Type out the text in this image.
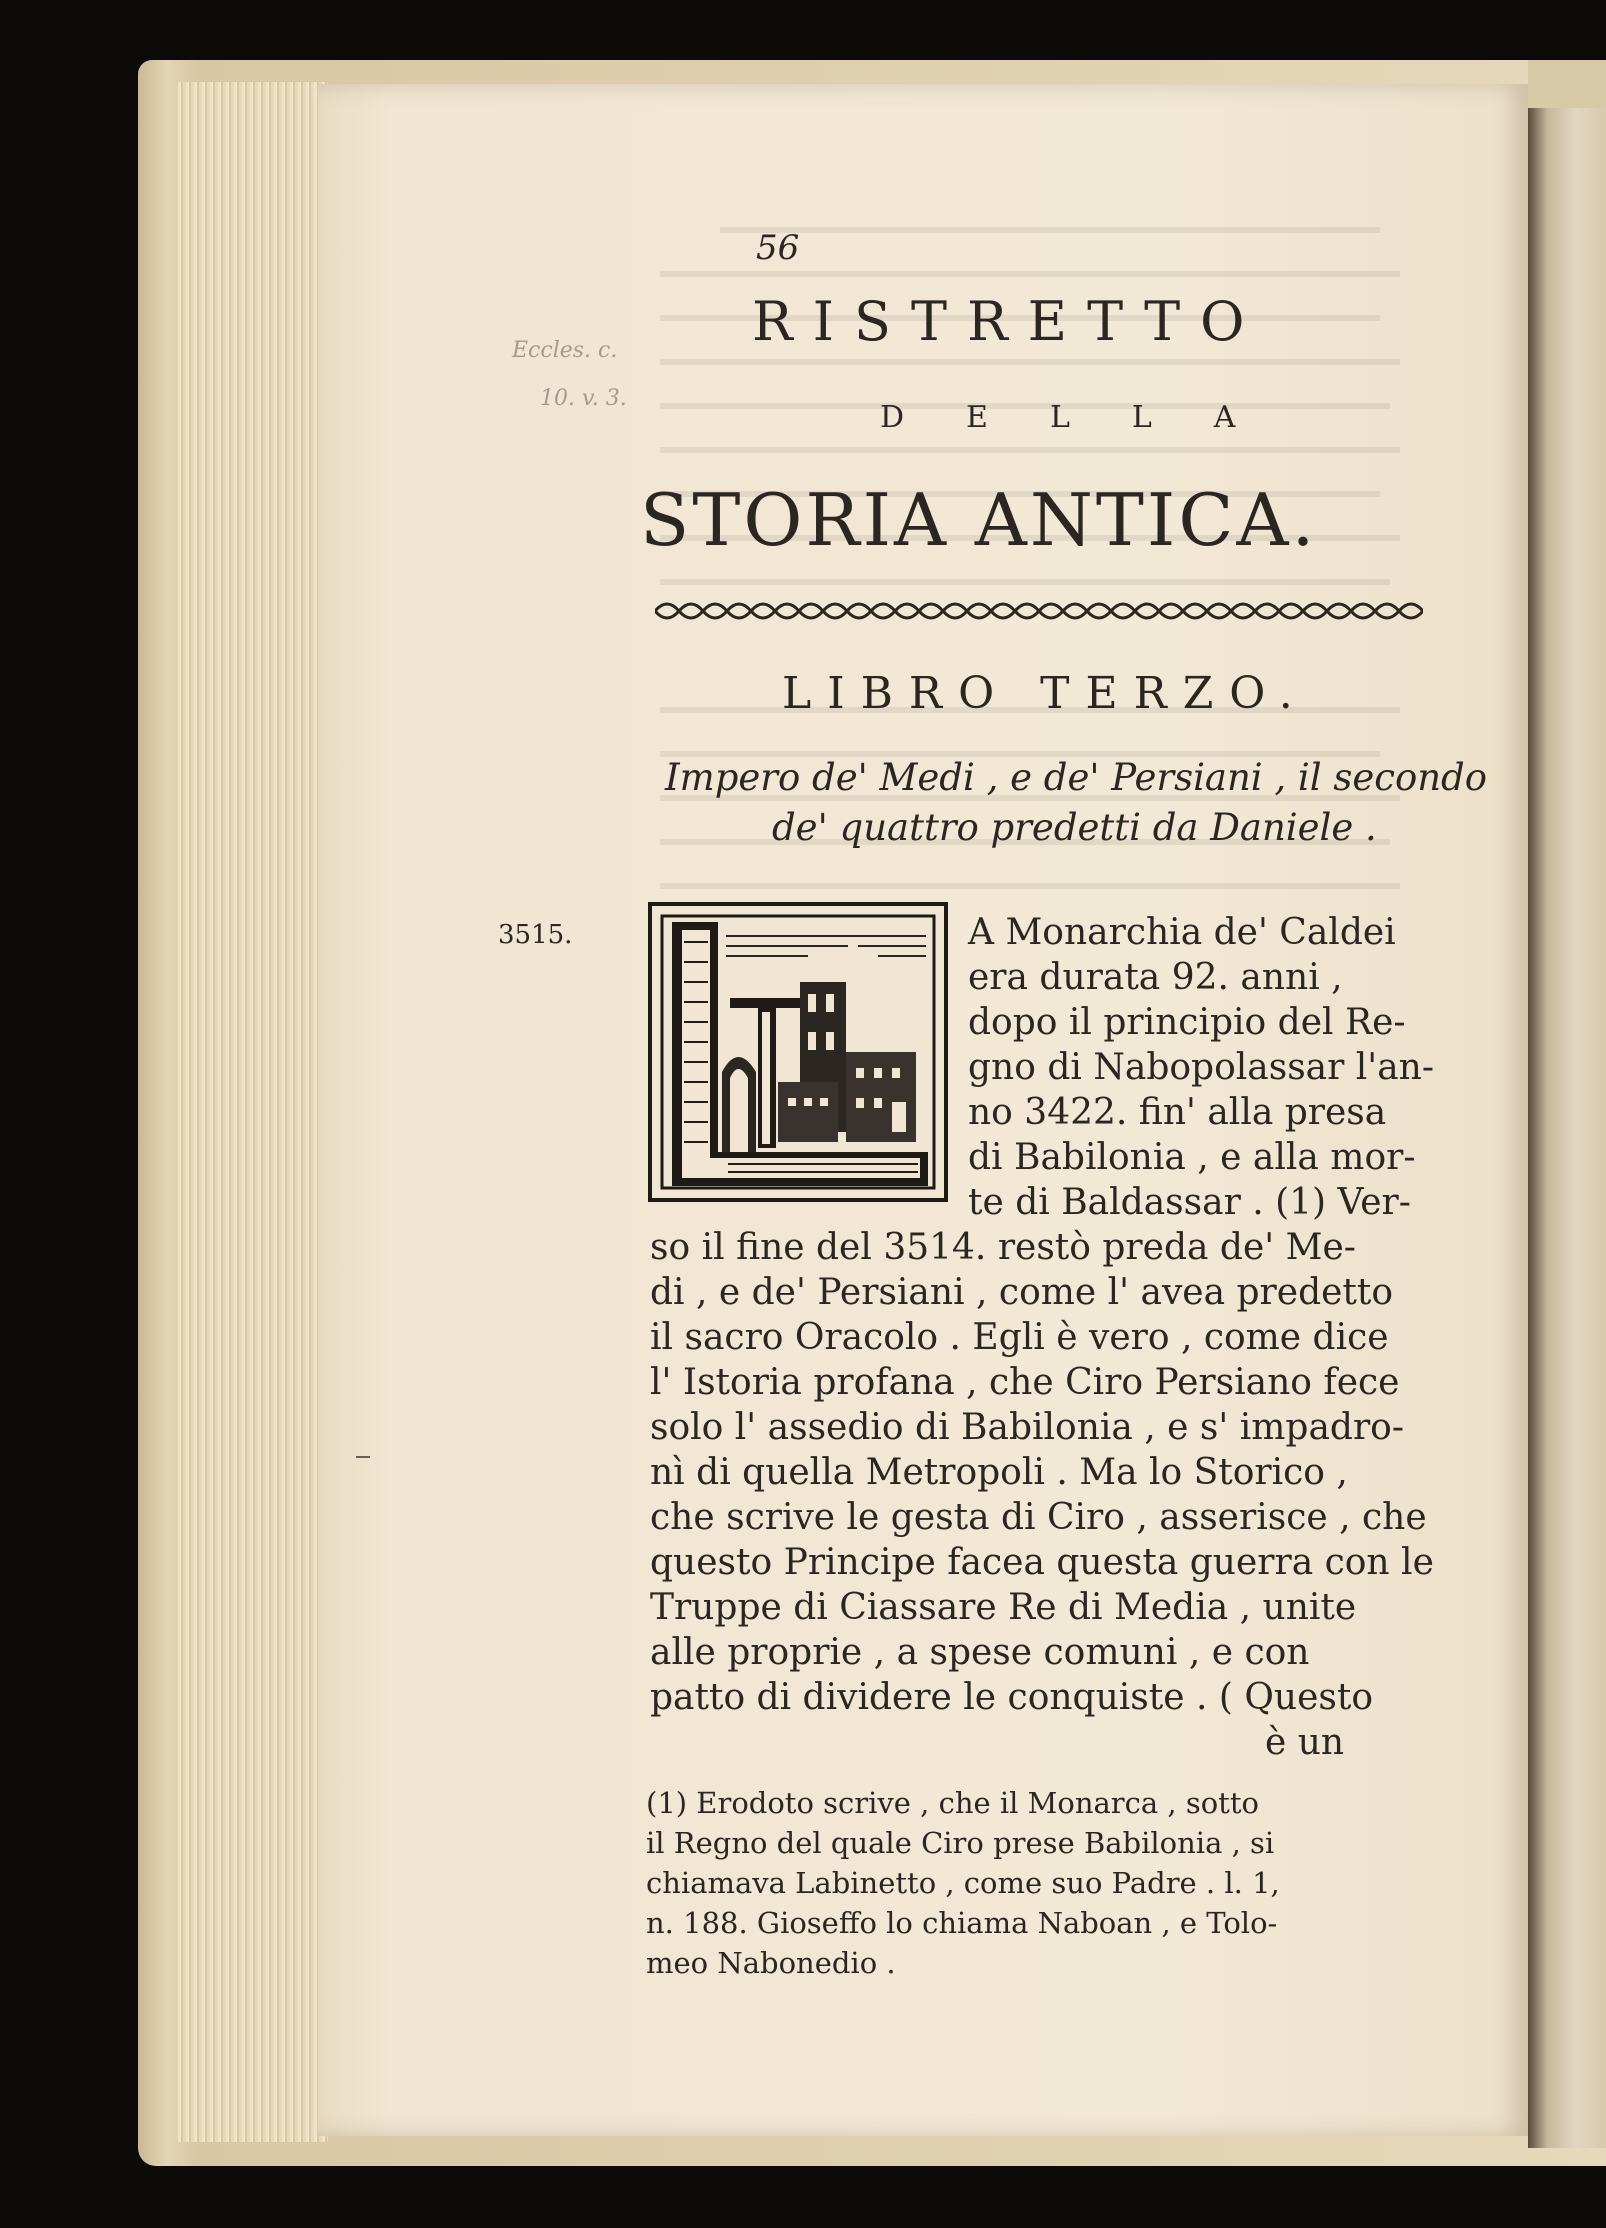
56
Eccles. c.
10. v. 3.
RISTRETTO
DELLA
STORIA ANTICA.
LIBRO TERZO.
Impero de' Medi , e de' Persiani , il secondo
de' quattro predetti da Daniele .
3515.	A Monarchia de' Caldei
era durata 92. anni ,
dopo il principio del Re-
gno di Nabopolassar l'an-
no 3422. fin' alla presa
di Babilonia , e alla mor-
te di Baldassar . (1) Ver-
so il fine del 3514. restò preda de' Me-
di , e de' Persiani , come l' avea predetto
il sacro Oracolo . Egli è vero , come dice
l' Istoria profana , che Ciro Persiano fece
solo l' assedio di Babilonia , e s' impadro-
nì di quella Metropoli . Ma lo Storico ,
che scrive le gesta di Ciro , asserisce , che
questo Principe facea questa guerra con le
Truppe di Ciassare Re di Media , unite
alle proprie , a spese comuni , e con
patto di dividere le conquiste . ( Questo
è un
(1) Erodoto scrive , che il Monarca , sotto
il Regno del quale Ciro prese Babilonia , si
chiamava Labinetto , come suo Padre . l. 1,
n. 188. Gioseffo lo chiama Naboan , e Tolo-
meo Nabonedio .
